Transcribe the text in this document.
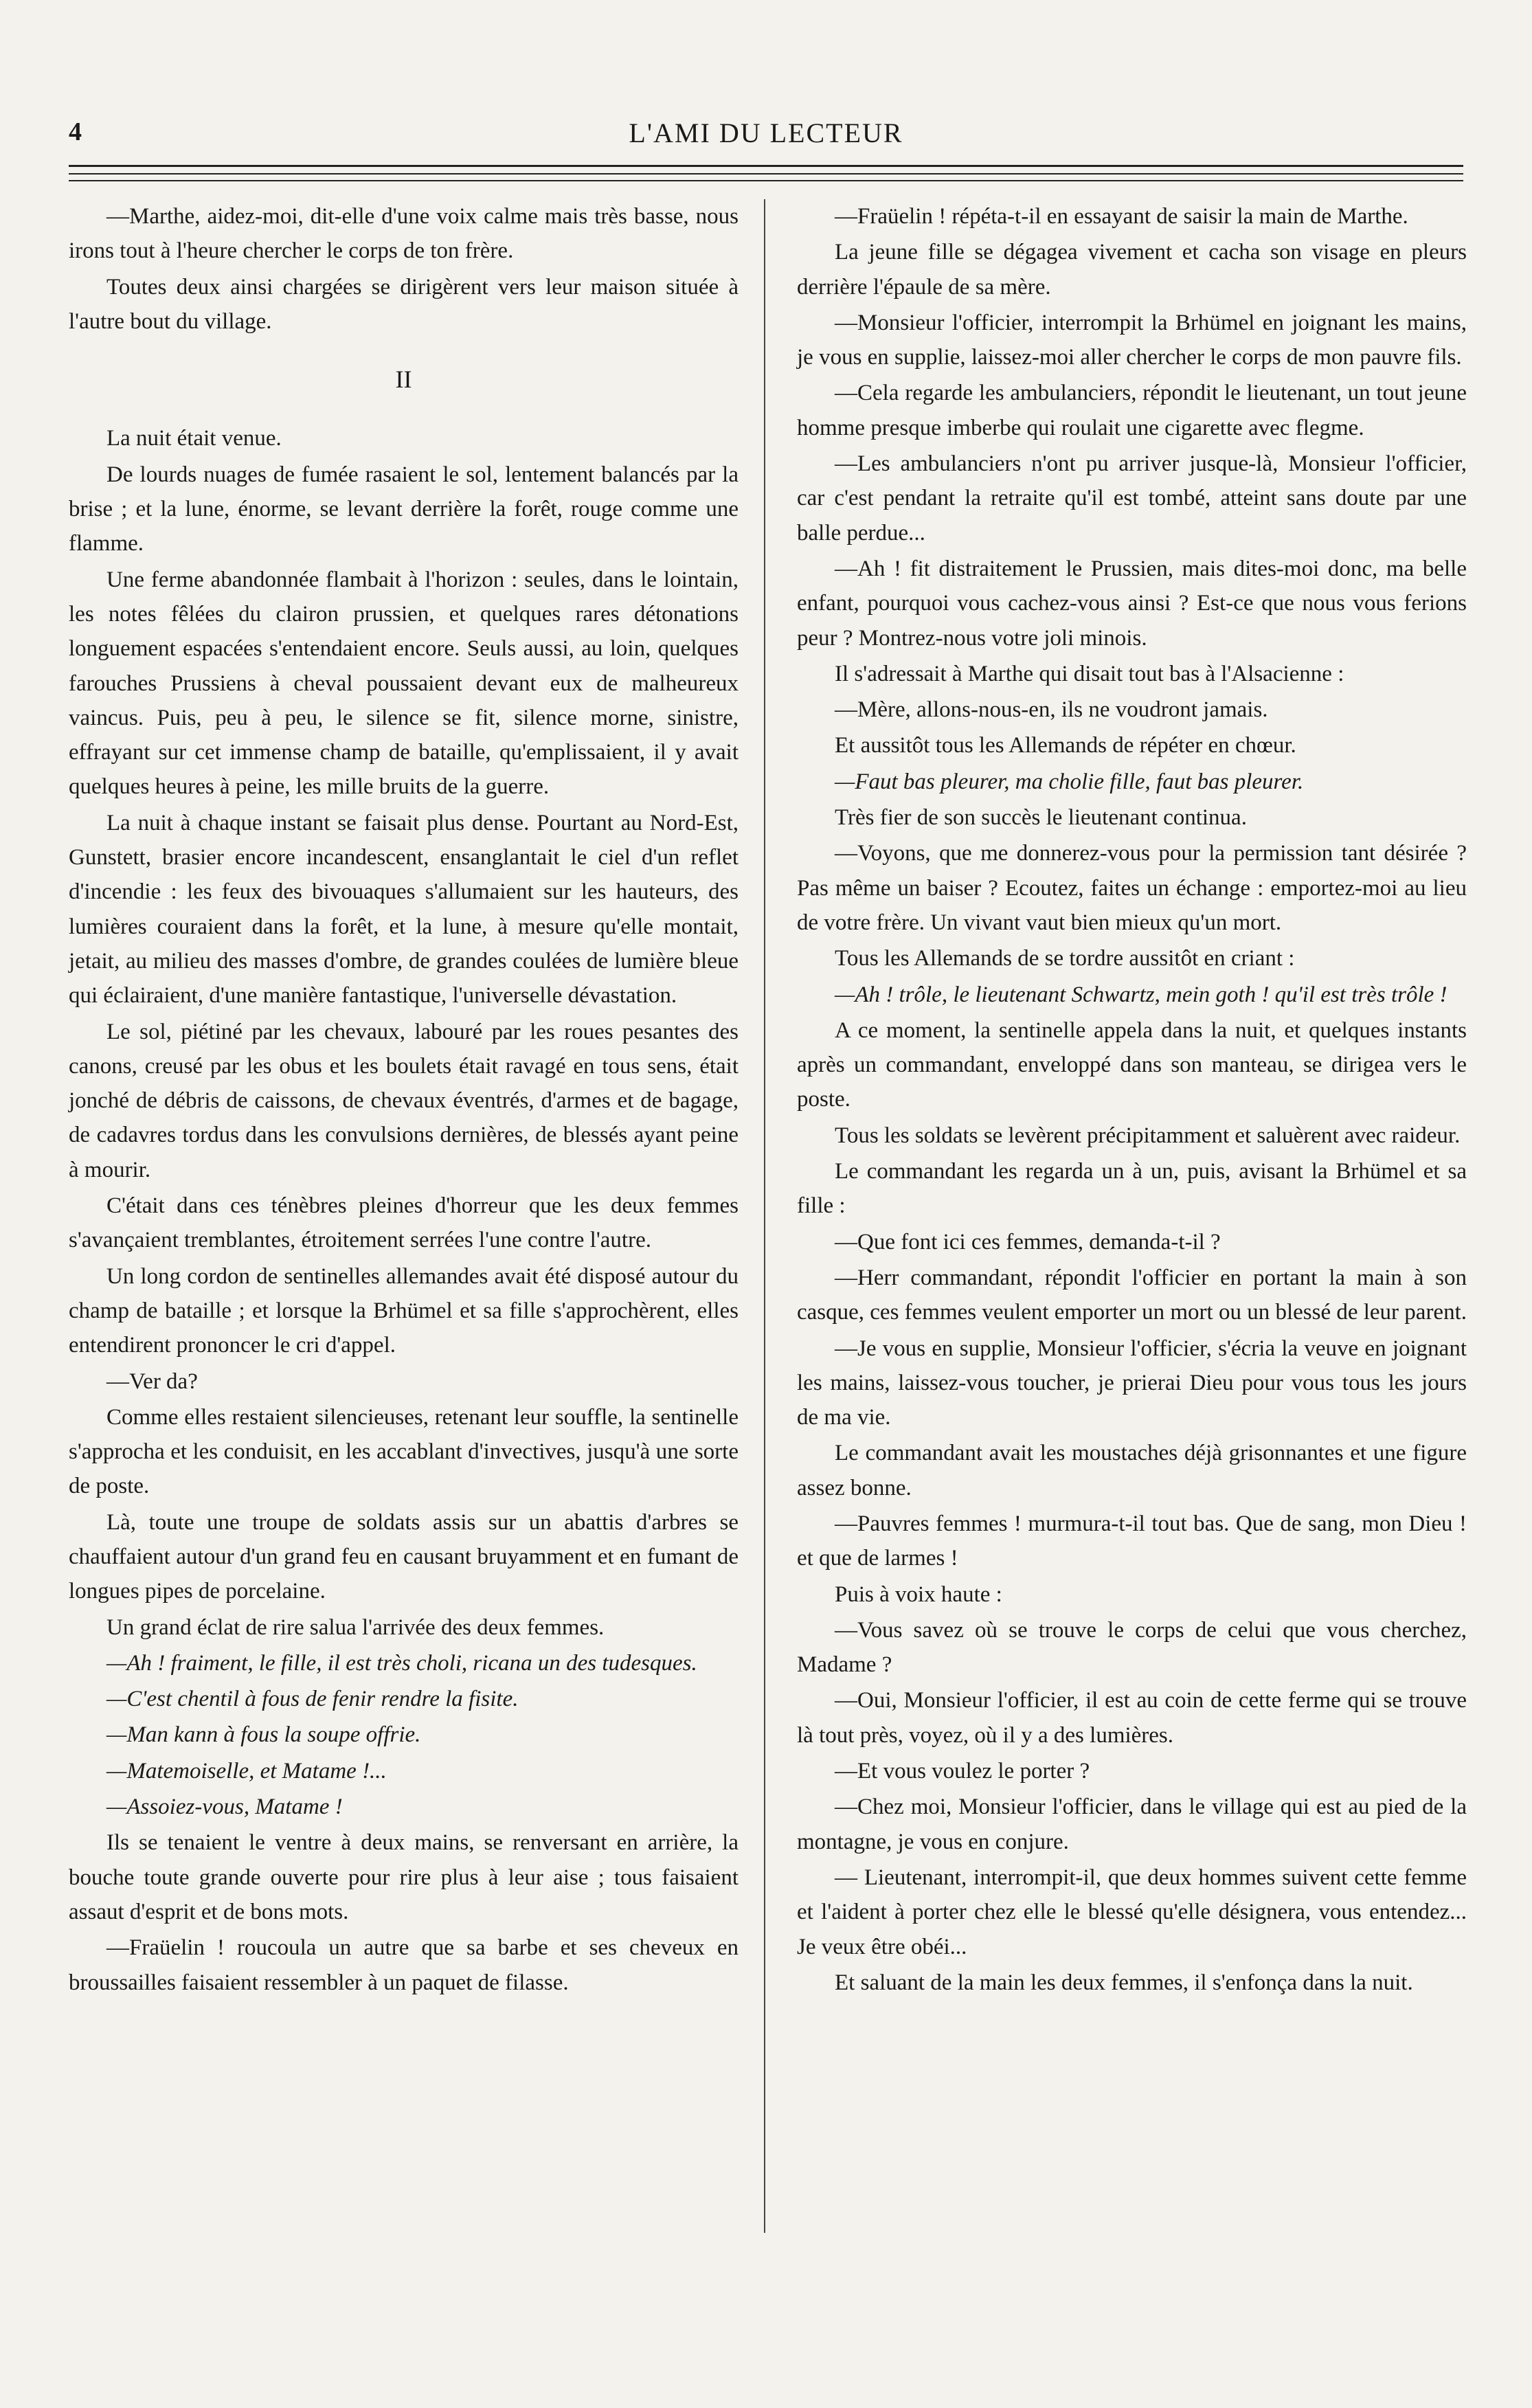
4	L'AMI DU LECTEUR

—Marthe, aidez-moi, dit-elle d'une voix calme mais très basse, nous irons tout à l'heure chercher le corps de ton frère.

Toutes deux ainsi chargées se dirigèrent vers leur maison située à l'autre bout du village.

II

La nuit était venue.

De lourds nuages de fumée rasaient le sol, lentement balancés par la brise ; et la lune, énorme, se levant derrière la forêt, rouge comme une flamme.

Une ferme abandonnée flambait à l'horizon : seules, dans le lointain, les notes fêlées du clairon prussien, et quelques rares détonations longuement espacées s'entendaient encore. Seuls aussi, au loin, quelques farouches Prussiens à cheval poussaient devant eux de malheureux vaincus. Puis, peu à peu, le silence se fit, silence morne, sinistre, effrayant sur cet immense champ de bataille, qu'emplissaient, il y avait quelques heures à peine, les mille bruits de la guerre.

La nuit à chaque instant se faisait plus dense. Pourtant au Nord-Est, Gunstett, brasier encore incandescent, ensanglantait le ciel d'un reflet d'incendie : les feux des bivouaques s'allumaient sur les hauteurs, des lumières couraient dans la forêt, et la lune, à mesure qu'elle montait, jetait, au milieu des masses d'ombre, de grandes coulées de lumière bleue qui éclairaient, d'une manière fantastique, l'universelle dévastation.

Le sol, piétiné par les chevaux, labouré par les roues pesantes des canons, creusé par les obus et les boulets était ravagé en tous sens, était jonché de débris de caissons, de chevaux éventrés, d'armes et de bagage, de cadavres tordus dans les convulsions dernières, de blessés ayant peine à mourir.

C'était dans ces ténèbres pleines d'horreur que les deux femmes s'avançaient tremblantes, étroitement serrées l'une contre l'autre.

Un long cordon de sentinelles allemandes avait été disposé autour du champ de bataille ; et lorsque la Brhümel et sa fille s'approchèrent, elles entendirent prononcer le cri d'appel.

—Ver da?

Comme elles restaient silencieuses, retenant leur souffle, la sentinelle s'approcha et les conduisit, en les accablant d'invectives, jusqu'à une sorte de poste.

Là, toute une troupe de soldats assis sur un abattis d'arbres se chauffaient autour d'un grand feu en causant bruyamment et en fumant de longues pipes de porcelaine.

Un grand éclat de rire salua l'arrivée des deux femmes.

—Ah ! fraiment, le fille, il est très choli, ricana un des tudesques.

—C'est chentil à fous de fenir rendre la fisite.

—Man kann à fous la soupe offrie.

—Matemoiselle, et Matame !...

—Assoiez-vous, Matame !

Ils se tenaient le ventre à deux mains, se renversant en arrière, la bouche toute grande ouverte pour rire plus à leur aise ; tous faisaient assaut d'esprit et de bons mots.

—Fraüelin ! roucoula un autre que sa barbe et ses cheveux en broussailles faisaient ressembler à un paquet de filasse.

—Fraüelin ! répéta-t-il en essayant de saisir la main de Marthe.

La jeune fille se dégagea vivement et cacha son visage en pleurs derrière l'épaule de sa mère.

—Monsieur l'officier, interrompit la Brhümel en joignant les mains, je vous en supplie, laissez-moi aller chercher le corps de mon pauvre fils.

—Cela regarde les ambulanciers, répondit le lieutenant, un tout jeune homme presque imberbe qui roulait une cigarette avec flegme.

—Les ambulanciers n'ont pu arriver jusque-là, Monsieur l'officier, car c'est pendant la retraite qu'il est tombé, atteint sans doute par une balle perdue...

—Ah ! fit distraitement le Prussien, mais dites-moi donc, ma belle enfant, pourquoi vous cachez-vous ainsi ? Est-ce que nous vous ferions peur ? Montrez-nous votre joli minois.

Il s'adressait à Marthe qui disait tout bas à l'Alsacienne :

—Mère, allons-nous-en, ils ne voudront jamais.

Et aussitôt tous les Allemands de répéter en chœur.

—Faut bas pleurer, ma cholie fille, faut bas pleurer.

Très fier de son succès le lieutenant continua.

—Voyons, que me donnerez-vous pour la permission tant désirée ? Pas même un baiser ? Ecoutez, faites un échange : emportez-moi au lieu de votre frère. Un vivant vaut bien mieux qu'un mort.

Tous les Allemands de se tordre aussitôt en criant :

—Ah ! trôle, le lieutenant Schwartz, mein goth ! qu'il est très trôle !

A ce moment, la sentinelle appela dans la nuit, et quelques instants après un commandant, enveloppé dans son manteau, se dirigea vers le poste.

Tous les soldats se levèrent précipitamment et saluèrent avec raideur.

Le commandant les regarda un à un, puis, avisant la Brhümel et sa fille :

—Que font ici ces femmes, demanda-t-il ?

—Herr commandant, répondit l'officier en portant la main à son casque, ces femmes veulent emporter un mort ou un blessé de leur parent.

—Je vous en supplie, Monsieur l'officier, s'écria la veuve en joignant les mains, laissez-vous toucher, je prierai Dieu pour vous tous les jours de ma vie.

Le commandant avait les moustaches déjà grisonnantes et une figure assez bonne.

—Pauvres femmes ! murmura-t-il tout bas. Que de sang, mon Dieu ! et que de larmes !

Puis à voix haute :

—Vous savez où se trouve le corps de celui que vous cherchez, Madame ?

—Oui, Monsieur l'officier, il est au coin de cette ferme qui se trouve là tout près, voyez, où il y a des lumières.

—Et vous voulez le porter ?

—Chez moi, Monsieur l'officier, dans le village qui est au pied de la montagne, je vous en conjure.

— Lieutenant, interrompit-il, que deux hommes suivent cette femme et l'aident à porter chez elle le blessé qu'elle désignera, vous entendez... Je veux être obéi...

Et saluant de la main les deux femmes, il s'enfonça dans la nuit.
